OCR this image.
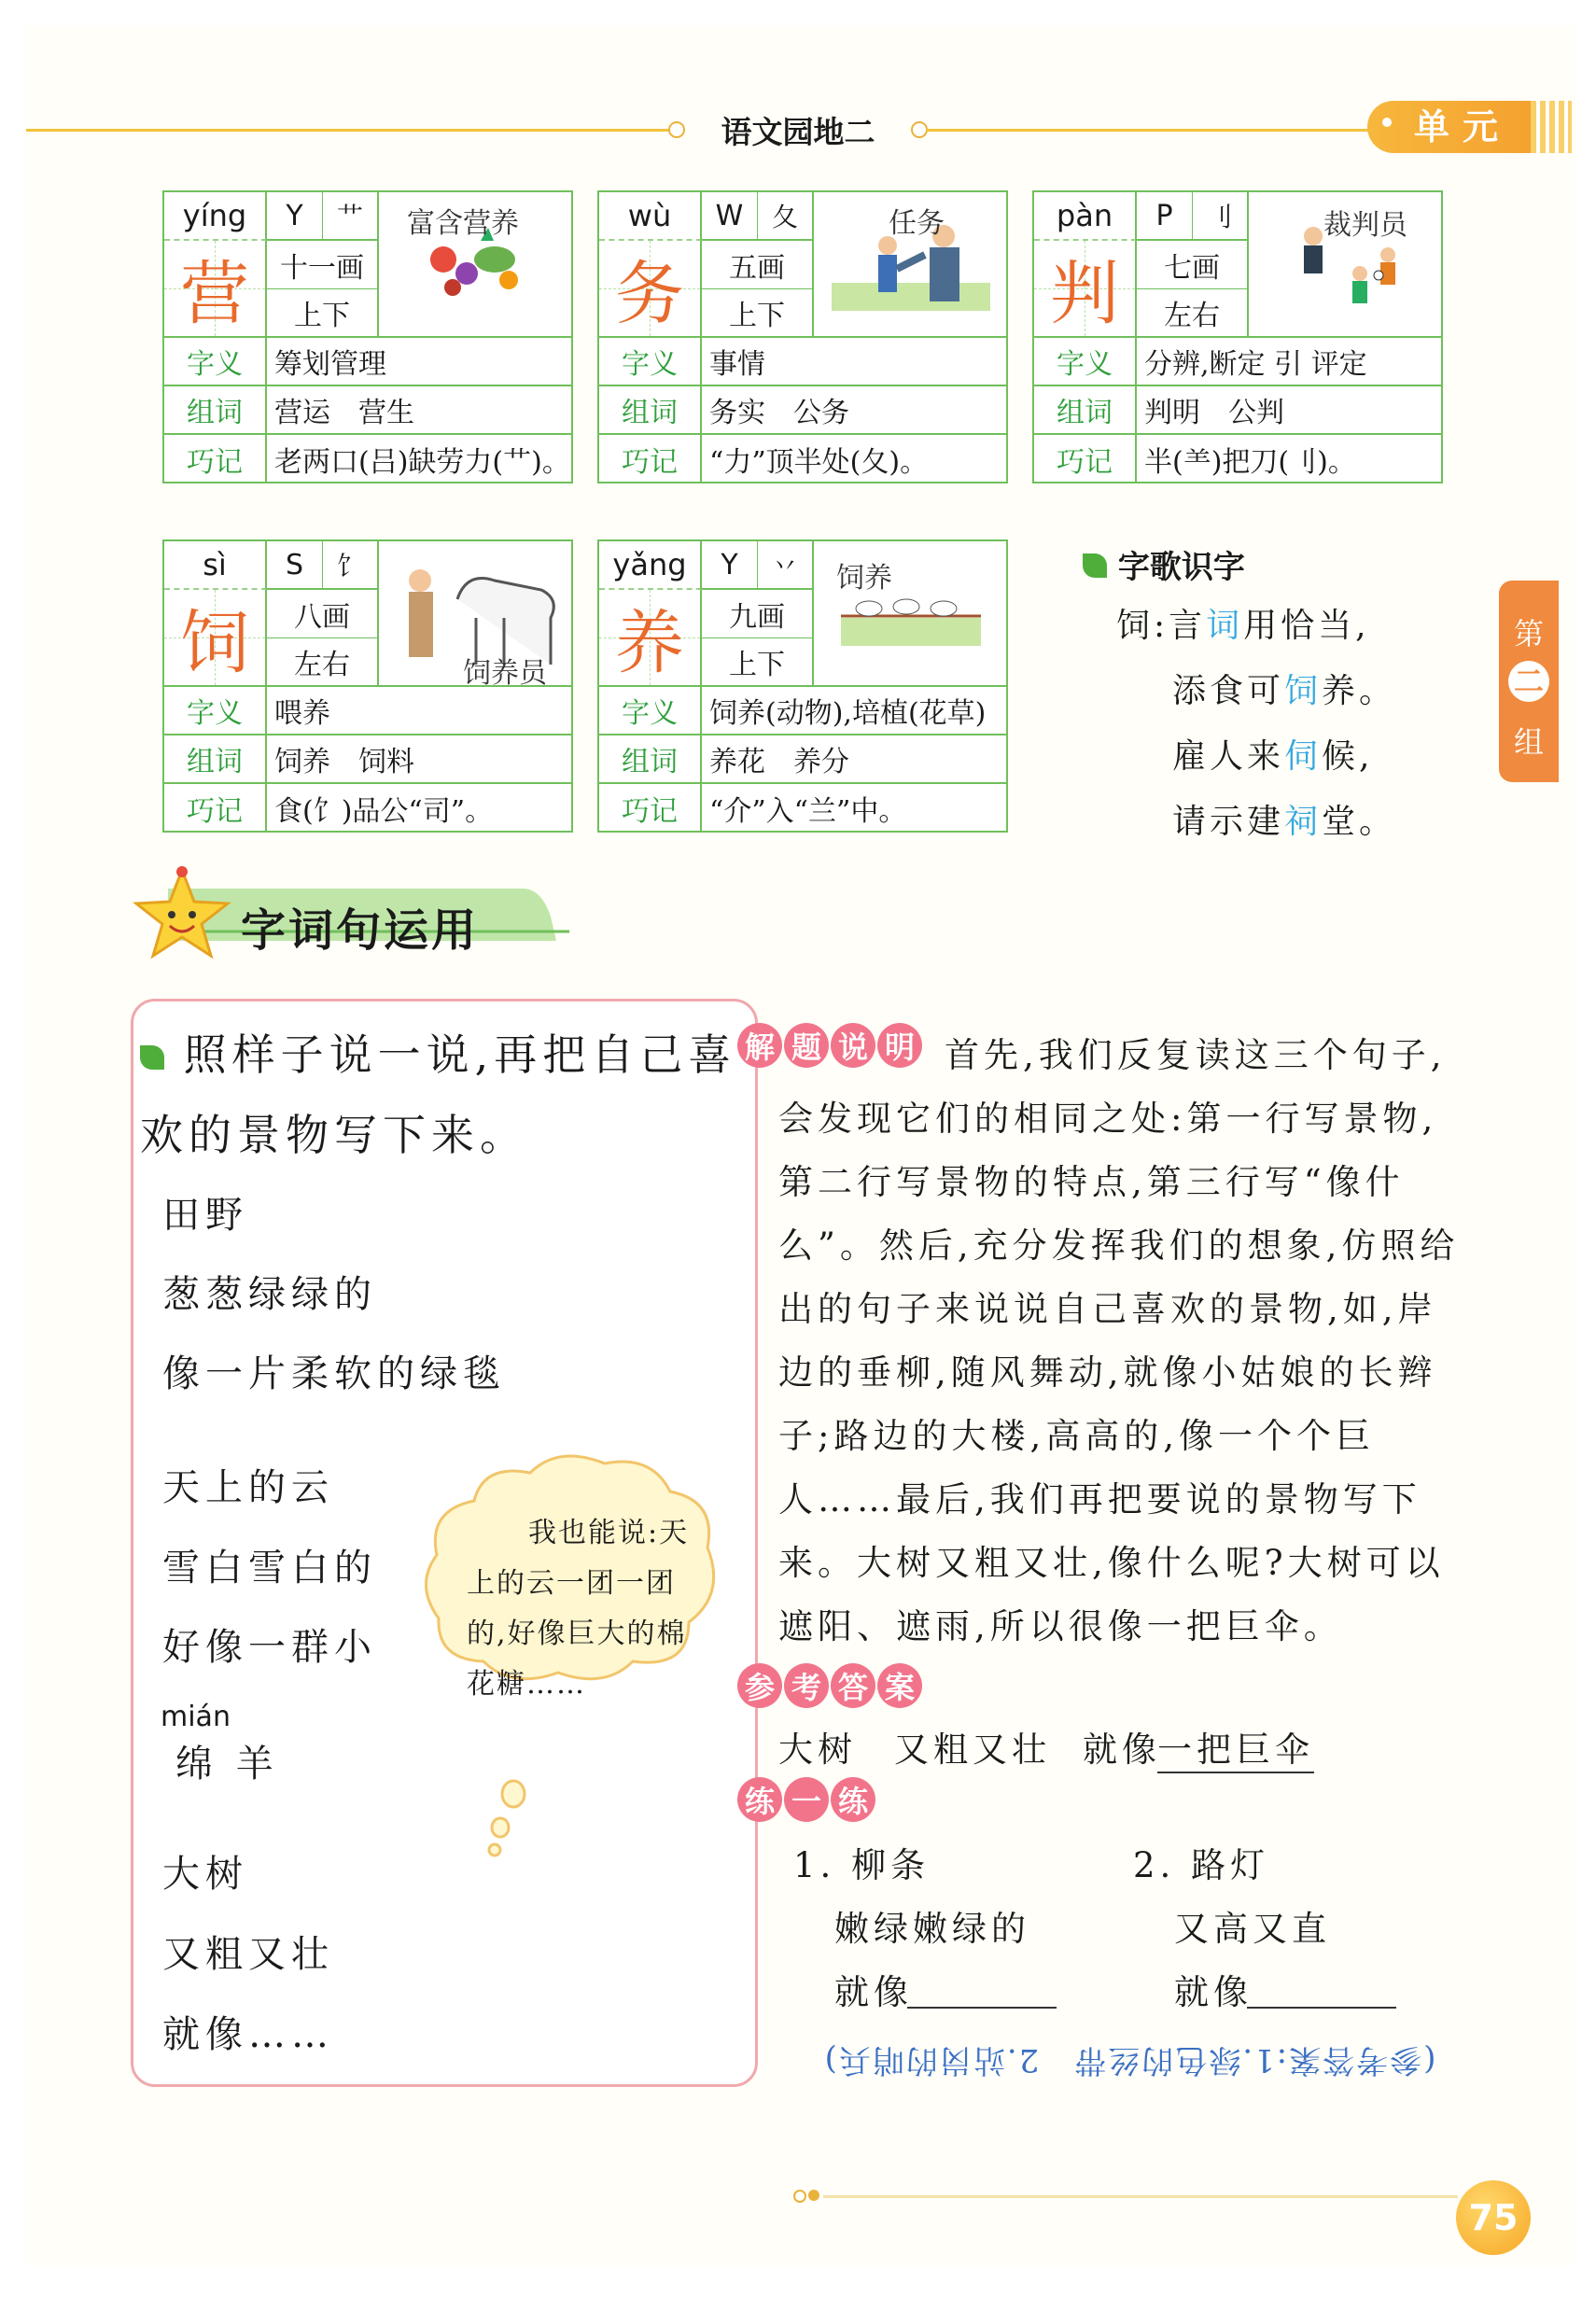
语文园地二	单元
第
二
组
yíng	Y	艹
营	十一画
上下
富含营养
字义	筹划管理
组词	营运　营生
巧记	老两口(吕)缺劳力(艹)。
wù	W	夂
务	五画
上下
任务
字义	事情
组词	务实　公务
巧记	“力”顶半处(夂)。
pàn	P	刂
判	七画
左右
裁判员
字义	分辨,断定 引 评定
组词	判明　公判
巧记	半(⺷)把刀(刂)。
sì	S	饣
饲	八画
左右	饲养员
字义	喂养
组词	饲养　饲料
巧记	食(饣)品公“司”。
yǎng	Y	丷
养	九画
上下
饲养
字义	饲养(动物),培植(花草)
组词	养花　养分
巧记	“介”入“兰”中。
字歌识字
饲:言词用恰当,
添食可饲养。
雇人来伺候,
请示建祠堂。
字词句运用
照样子说一说,再把自己喜
欢的景物写下来。
田野
葱葱绿绿的
像一片柔软的绿毯
天上的云
雪白雪白的
好像一群小
mián
绵 羊
大树
又粗又壮
就像……
我也能说:天
上的云一团一团
的,好像巨大的棉
花糖……
解 题 说 明 首先,我们反复读这三个句子,
会发现它们的相同之处:第一行写景物,
第二行写景物的特点,第三行写“像什
么”。然后,充分发挥我们的想象,仿照给
出的句子来说说自己喜欢的景物,如,岸
边的垂柳,随风舞动,就像小姑娘的长辫
子;路边的大楼,高高的,像一个个巨
人……最后,我们再把要说的景物写下
来。大树又粗又壮,像什么呢?大树可以
遮阳、遮雨,所以很像一把巨伞。
参 考 答 案
大树 又粗又壮 就像
一把巨伞
练 一 练
1. 柳条
嫩绿嫩绿的
就像
2. 路灯
又高又直
就像
(参考答案:1.绿色的丝带　2.站岗的哨兵)
75
